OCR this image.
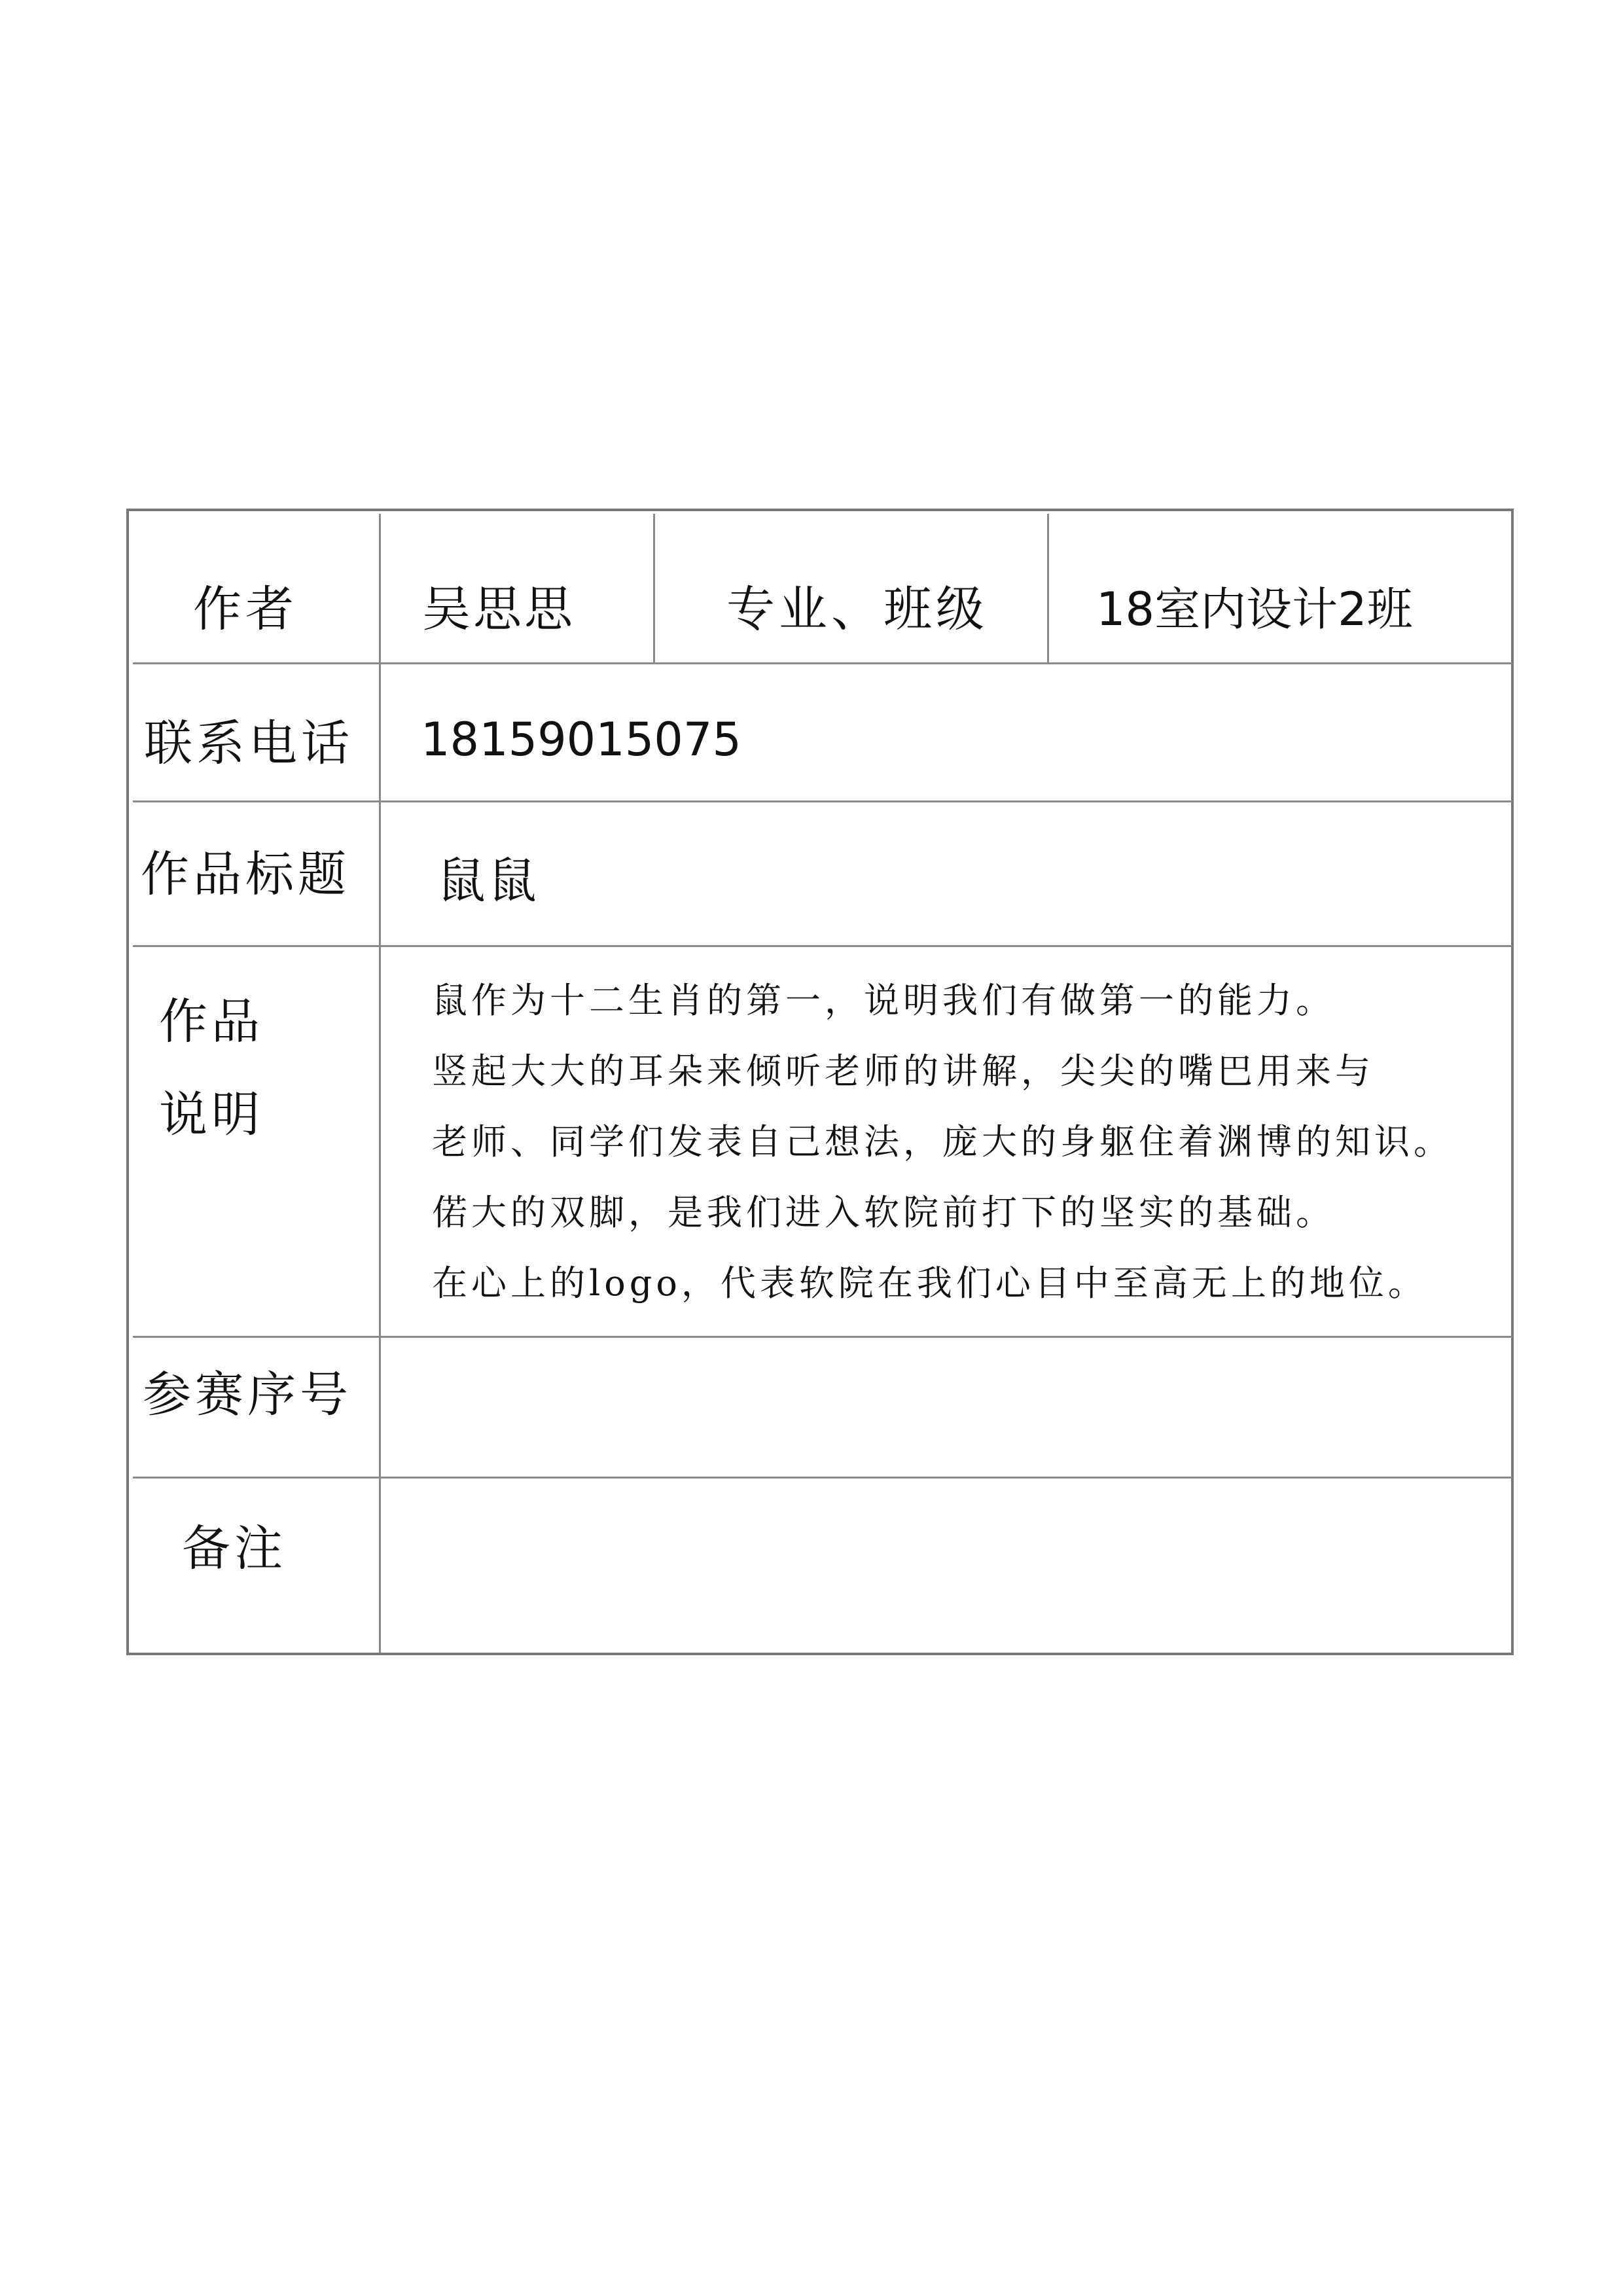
作者	吴思思	专业、班级 18室内设计2班
联系电话 18159015075
作品标题 鼠鼠
作品
说明
鼠作为十二生肖的第一，说明我们有做第一的能力。
竖起大大的耳朵来倾听老师的讲解，尖尖的嘴巴用来与
老师、同学们发表自己想法，庞大的身躯住着渊博的知识。
偌大的双脚，是我们进入软院前打下的坚实的基础。
在心上的logo，代表软院在我们心目中至高无上的地位。
参赛序号
备注
